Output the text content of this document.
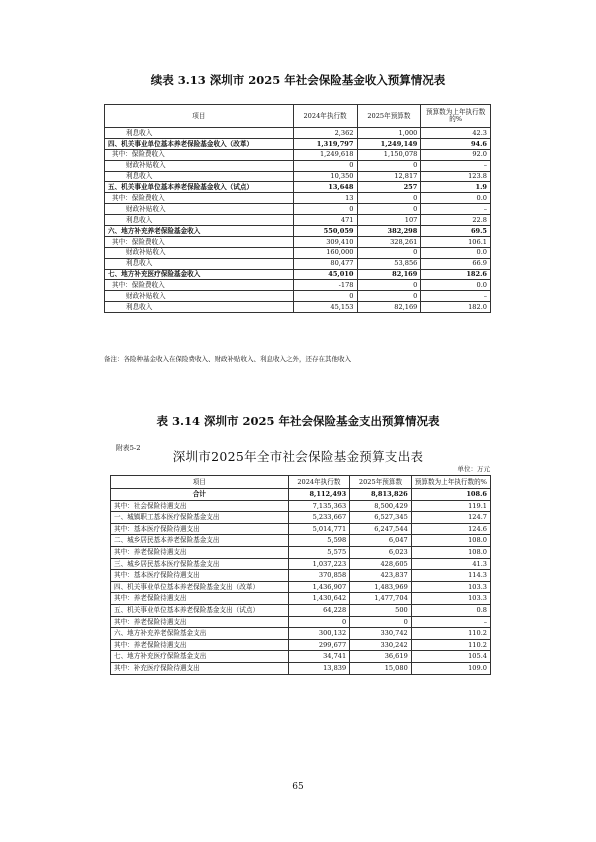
续表 3.13 深圳市 2025 年社会保险基金收入预算情况表
项目	2024年执行数	2025年预算数	预算数为上年执行数的%
利息收入	2,362	1,000	42.3
四、机关事业单位基本养老保险基金收入（改革）	1,319,797	1,249,149	94.6
其中：保险费收入	1,249,618	1,150,078	92.0
财政补贴收入	0	0	–
利息收入	10,350	12,817	123.8
五、机关事业单位基本养老保险基金收入（试点）	13,648	257	1.9
其中：保险费收入	13	0	0.0
财政补贴收入	0	0	–
利息收入	471	107	22.8
六、地方补充养老保险基金收入	550,059	382,298	69.5
其中：保险费收入	309,410	328,261	106.1
财政补贴收入	160,000	0	0.0
利息收入	80,477	53,856	66.9
七、地方补充医疗保险基金收入	45,010	82,169	182.6
其中：保险费收入	-178	0	0.0
财政补贴收入	0	0	–
利息收入	45,153	82,169	182.0
备注：各险种基金收入在保险费收入、财政补贴收入、利息收入之外，还存在其他收入
表 3.14 深圳市 2025 年社会保险基金支出预算情况表
附表5-2
深圳市2025年全市社会保险基金预算支出表
单位：万元
项目	2024年执行数	2025年预算数	预算数为上年执行数的%
合计	8,112,493	8,813,826	108.6
其中：社会保险待遇支出	7,135,363	8,500,429	119.1
一、城镇职工基本医疗保险基金支出	5,233,667	6,527,345	124.7
其中：基本医疗保险待遇支出	5,014,771	6,247,544	124.6
二、城乡居民基本养老保险基金支出	5,598	6,047	108.0
其中：养老保险待遇支出	5,575	6,023	108.0
三、城乡居民基本医疗保险基金支出	1,037,223	428,605	41.3
其中：基本医疗保险待遇支出	370,858	423,837	114.3
四、机关事业单位基本养老保险基金支出（改革）	1,436,907	1,483,969	103.3
其中：养老保险待遇支出	1,430,642	1,477,704	103.3
五、机关事业单位基本养老保险基金支出（试点）	64,228	500	0.8
其中：养老保险待遇支出	0	0	–
六、地方补充养老保险基金支出	300,132	330,742	110.2
其中：养老保险待遇支出	299,677	330,242	110.2
七、地方补充医疗保险基金支出	34,741	36,619	105.4
其中：补充医疗保险待遇支出	13,839	15,080	109.0
65
